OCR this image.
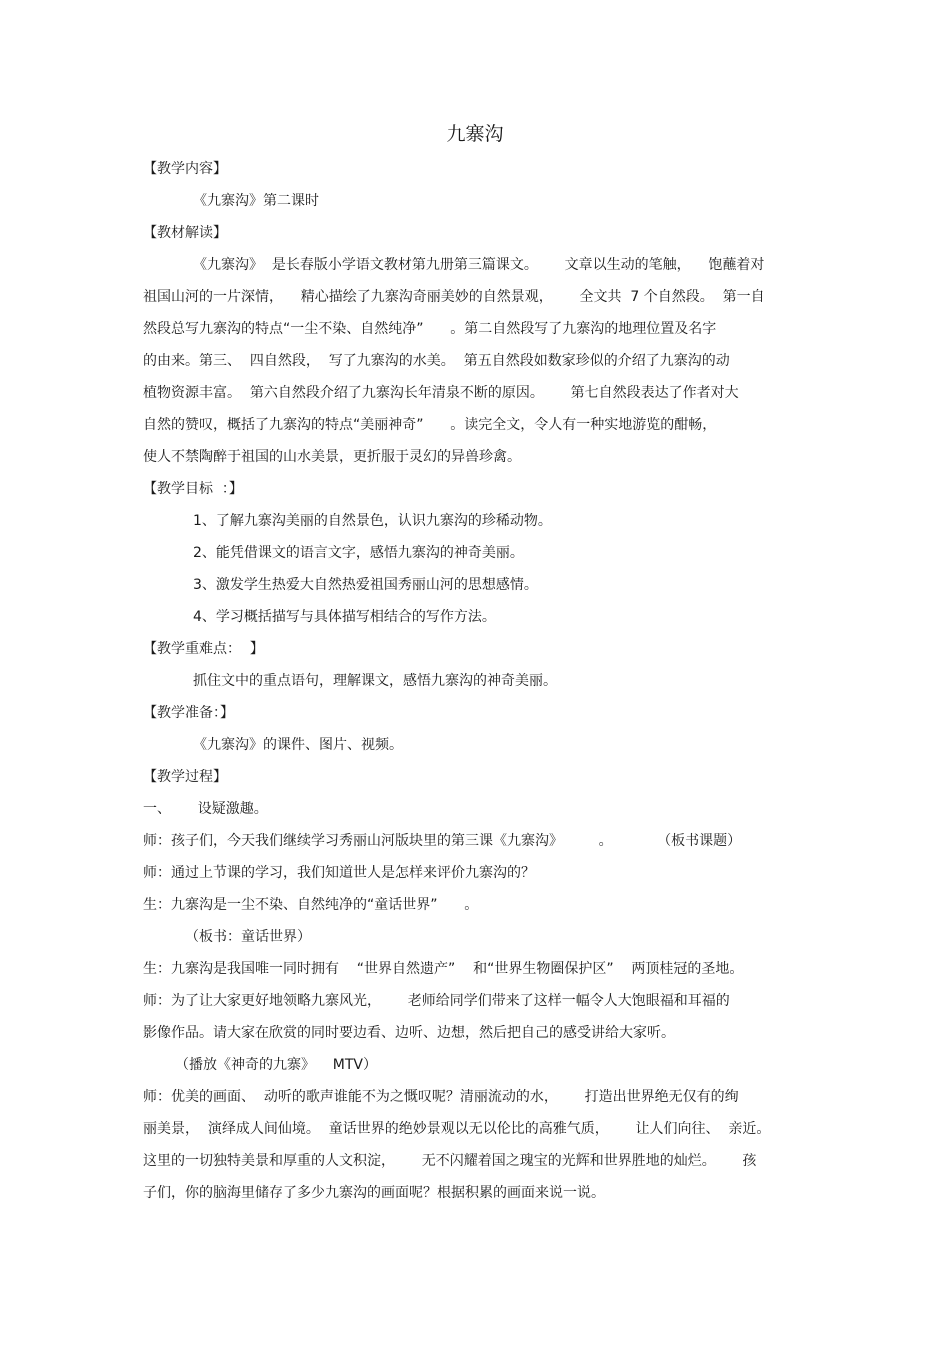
九寨沟

【教学内容】

《九寨沟》第二课时

【教材解读】

《九寨沟》  是长春版小学语文教材第九册第三篇课文。      文章以生动的笔触，    饱蘸着对

祖国山河的一片深情，    精心描绘了九寨沟奇丽美妙的自然景观，      全文共  7 个自然段。  第一自

然段总写九寨沟的特点“一尘不染、自然纯净”      。第二自然段写了九寨沟的地理位置及名字

的由来。第三、  四自然段，  写了九寨沟的水美。  第五自然段如数家珍似的介绍了九寨沟的动

植物资源丰富。  第六自然段介绍了九寨沟长年清泉不断的原因。      第七自然段表达了作者对大

自然的赞叹，概括了九寨沟的特点“美丽神奇”      。读完全文，令人有一种实地游览的酣畅，

使人不禁陶醉于祖国的山水美景，更折服于灵幻的异兽珍禽。

【教学目标  ：】

1、了解九寨沟美丽的自然景色，认识九寨沟的珍稀动物。

2、能凭借课文的语言文字，感悟九寨沟的神奇美丽。

3、激发学生热爱大自然热爱祖国秀丽山河的思想感情。

4、学习概括描写与具体描写相结合的写作方法。

【教学重难点：  】

抓住文中的重点语句，理解课文，感悟九寨沟的神奇美丽。

【教学准备：】

《九寨沟》的课件、图片、视频。

【教学过程】

一、      设疑激趣。

师：孩子们，今天我们继续学习秀丽山河版块里的第三课《九寨沟》        。          （板书课题）

师：通过上节课的学习，我们知道世人是怎样来评价九寨沟的？

生：九寨沟是一尘不染、自然纯净的“童话世界”      。

（板书：童话世界）

生：九寨沟是我国唯一同时拥有    “世界自然遗产”    和“世界生物圈保护区”    两顶桂冠的圣地。

师：为了让大家更好地领略九寨风光，      老师给同学们带来了这样一幅令人大饱眼福和耳福的

影像作品。请大家在欣赏的同时要边看、边听、边想，然后把自己的感受讲给大家听。

（播放《神奇的九寨》    MTV）

师：优美的画面、  动听的歌声谁能不为之慨叹呢？清丽流动的水，      打造出世界绝无仅有的绚

丽美景，  演绎成人间仙境。  童话世界的绝妙景观以无以伦比的高雅气质，      让人们向往、  亲近。

这里的一切独特美景和厚重的人文积淀，      无不闪耀着国之瑰宝的光辉和世界胜地的灿烂。      孩

子们，你的脑海里储存了多少九寨沟的画面呢？根据积累的画面来说一说。
